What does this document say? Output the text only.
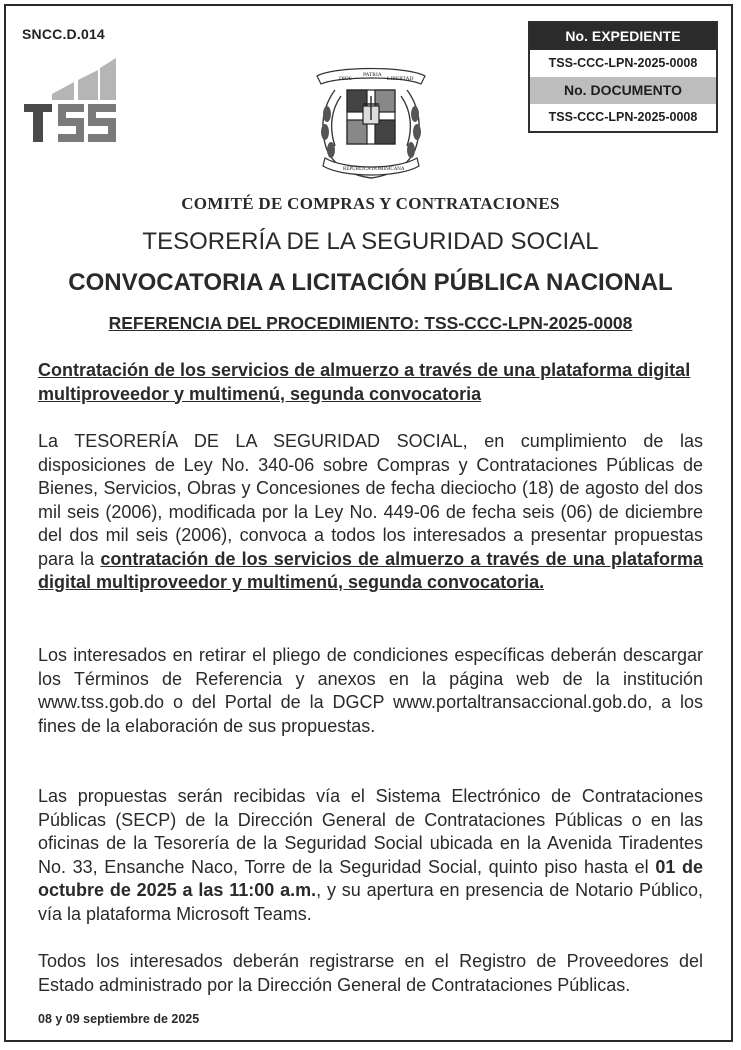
SNCC.D.014
DIOS
PATRIA
LIBERTAD
REPÚBLICA DOMINICANA
No. EXPEDIENTE
TSS-CCC-LPN-2025-0008
No. DOCUMENTO
TSS-CCC-LPN-2025-0008
COMITÉ DE COMPRAS Y CONTRATACIONES
TESORERÍA DE LA SEGURIDAD SOCIAL
CONVOCATORIA A LICITACIÓN PÚBLICA NACIONAL
REFERENCIA DEL PROCEDIMIENTO: TSS-CCC-LPN-2025-0008
Contratación de los servicios de almuerzo a través de una plataforma digital multiproveedor y multimenú, segunda convocatoria
La TESORERÍA DE LA SEGURIDAD SOCIAL, en cumplimiento de las disposiciones de Ley No. 340-06 sobre Compras y Contrataciones Públicas de Bienes, Servicios, Obras y Concesiones de fecha dieciocho (18) de agosto del dos mil seis (2006), modificada por la Ley No. 449-06 de fecha seis (06) de diciembre del dos mil seis (2006), convoca a todos los interesados a presentar propuestas para la contratación de los servicios de almuerzo a través de una plataforma digital multiproveedor y multimenú, segunda convocatoria.
Los interesados en retirar el pliego de condiciones específicas deberán descargar los Términos de Referencia y anexos en la página web de la institución www.tss.gob.do o del Portal de la DGCP www.portaltransaccional.gob.do, a los fines de la elaboración de sus propuestas.
Las propuestas serán recibidas vía el Sistema Electrónico de Contrataciones Públicas (SECP) de la Dirección General de Contrataciones Públicas o en las oficinas de la Tesorería de la Seguridad Social ubicada en la Avenida Tiradentes No. 33, Ensanche Naco, Torre de la Seguridad Social, quinto piso hasta el 01 de octubre de 2025 a las 11:00 a.m., y su apertura en presencia de Notario Público, vía la plataforma Microsoft Teams.
Todos los interesados deberán registrarse en el Registro de Proveedores del Estado administrado por la Dirección General de Contrataciones Públicas.
08 y 09 septiembre de 2025
